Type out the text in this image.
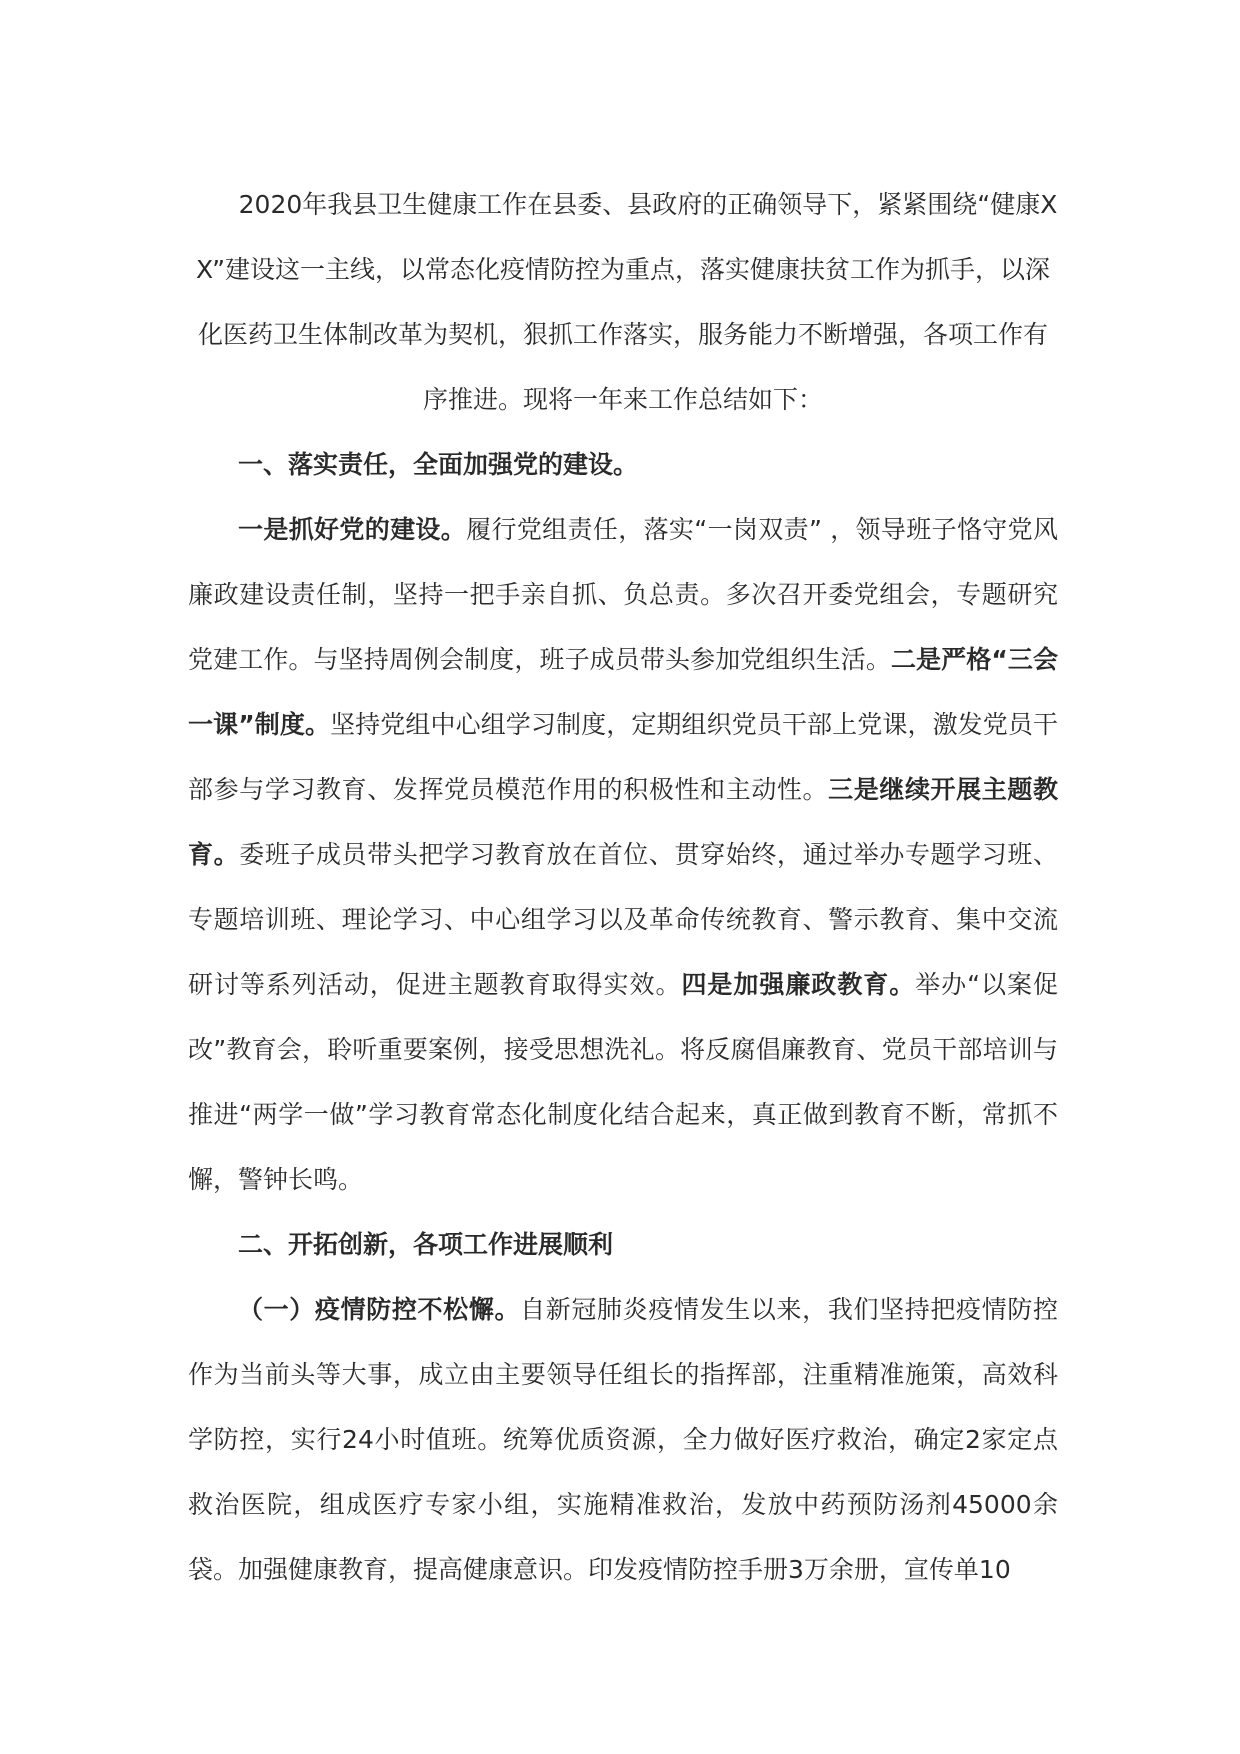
2020年我县卫生健康工作在县委、县政府的正确领导下，紧紧围绕“健康XX”建设这一主线，以常态化疫情防控为重点，落实健康扶贫工作为抓手，以深化医药卫生体制改革为契机，狠抓工作落实，服务能力不断增强，各项工作有序推进。现将一年来工作总结如下：

一、落实责任，全面加强党的建设。

一是抓好党的建设。履行党组责任，落实“一岗双责” ，领导班子恪守党风廉政建设责任制，坚持一把手亲自抓、负总责。多次召开委党组会，专题研究党建工作。与坚持周例会制度，班子成员带头参加党组织生活。二是严格“三会一课”制度。坚持党组中心组学习制度，定期组织党员干部上党课，激发党员干部参与学习教育、发挥党员模范作用的积极性和主动性。三是继续开展主题教育。委班子成员带头把学习教育放在首位、贯穿始终，通过举办专题学习班、专题培训班、理论学习、中心组学习以及革命传统教育、警示教育、集中交流研讨等系列活动，促进主题教育取得实效。四是加强廉政教育。举办“以案促改”教育会，聆听重要案例，接受思想洗礼。将反腐倡廉教育、党员干部培训与推进“两学一做”学习教育常态化制度化结合起来，真正做到教育不断，常抓不懈，警钟长鸣。

二、开拓创新，各项工作进展顺利

（一）疫情防控不松懈。自新冠肺炎疫情发生以来，我们坚持把疫情防控作为当前头等大事，成立由主要领导任组长的指挥部，注重精准施策，高效科学防控，实行24小时值班。统筹优质资源，全力做好医疗救治，确定2家定点救治医院，组成医疗专家小组，实施精准救治，发放中药预防汤剂45000余袋。加强健康教育，提高健康意识。印发疫情防控手册3万余册，宣传单10
